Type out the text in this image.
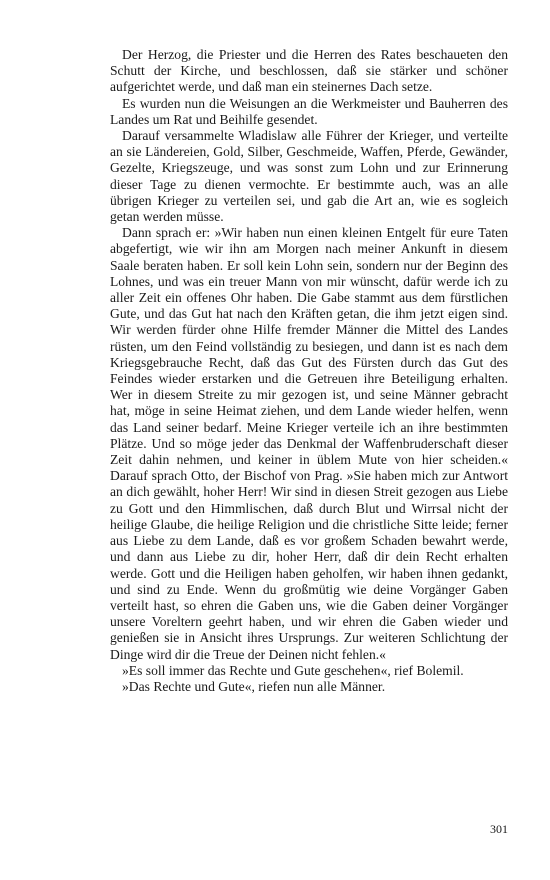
Der Herzog, die Priester und die Herren des Rates beschaueten den Schutt der Kirche, und beschlossen, daß sie stärker und schöner aufgerichtet werde, und daß man ein steinernes Dach setze.

Es wurden nun die Weisungen an die Werkmeister und Bauherren des Landes um Rat und Beihilfe gesendet.

Darauf versammelte Wladislaw alle Führer der Krieger, und verteilte an sie Ländereien, Gold, Silber, Geschmeide, Waffen, Pferde, Gewänder, Gezelte, Kriegszeuge, und was sonst zum Lohn und zur Erinnerung dieser Tage zu dienen vermochte. Er bestimmte auch, was an alle übrigen Krieger zu verteilen sei, und gab die Art an, wie es sogleich getan werden müsse.

Dann sprach er: »Wir haben nun einen kleinen Entgelt für eure Taten abgefertigt, wie wir ihn am Morgen nach meiner Ankunft in diesem Saale beraten haben. Er soll kein Lohn sein, sondern nur der Beginn des Lohnes, und was ein treuer Mann von mir wünscht, dafür werde ich zu aller Zeit ein offenes Ohr haben. Die Gabe stammt aus dem fürstlichen Gute, und das Gut hat nach den Kräften getan, die ihm jetzt eigen sind. Wir werden fürder ohne Hilfe fremder Männer die Mittel des Landes rüsten, um den Feind vollständig zu besiegen, und dann ist es nach dem Kriegsgebrauche Recht, daß das Gut des Fürsten durch das Gut des Feindes wieder erstarken und die Getreuen ihre Beteiligung erhalten. Wer in diesem Streite zu mir gezogen ist, und seine Männer gebracht hat, möge in seine Heimat ziehen, und dem Lande wieder helfen, wenn das Land seiner bedarf. Meine Krieger verteile ich an ihre bestimmten Plätze. Und so möge jeder das Denkmal der Waffenbruderschaft dieser Zeit dahin nehmen, und keiner in üblem Mute von hier scheiden.« Darauf sprach Otto, der Bischof von Prag. »Sie haben mich zur Antwort an dich gewählt, hoher Herr! Wir sind in diesen Streit gezogen aus Liebe zu Gott und den Himmlischen, daß durch Blut und Wirrsal nicht der heilige Glaube, die heilige Religion und die christliche Sitte leide; ferner aus Liebe zu dem Lande, daß es vor großem Schaden bewahrt werde, und dann aus Liebe zu dir, hoher Herr, daß dir dein Recht erhalten werde. Gott und die Heiligen haben geholfen, wir haben ihnen gedankt, und sind zu Ende. Wenn du großmütig wie deine Vorgänger Gaben verteilt hast, so ehren die Gaben uns, wie die Gaben deiner Vorgänger unsere Voreltern geehrt haben, und wir ehren die Gaben wieder und genießen sie in Ansicht ihres Ursprungs. Zur weiteren Schlichtung der Dinge wird dir die Treue der Deinen nicht fehlen.«

»Es soll immer das Rechte und Gute geschehen«, rief Bolemil.

»Das Rechte und Gute«, riefen nun alle Männer.

301
